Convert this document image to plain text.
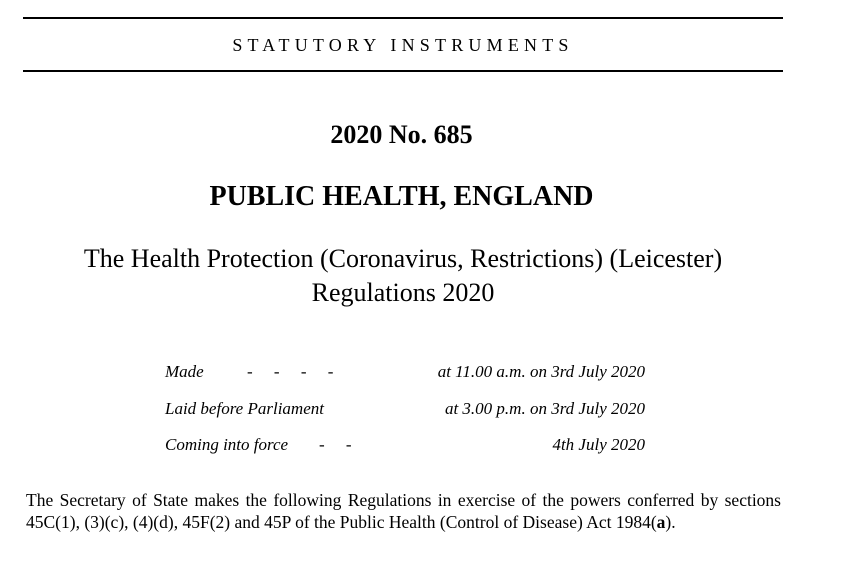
STATUTORY INSTRUMENTS
2020 No. 685
PUBLIC HEALTH, ENGLAND
The Health Protection (Coronavirus, Restrictions) (Leicester)
Regulations 2020
Made	-     -     -     -	at 11.00 a.m. on 3rd July 2020
Laid before Parliament	at 3.00 p.m. on 3rd July 2020
Coming into force -     -	4th July 2020
The Secretary of State makes the following Regulations in exercise of the powers conferred by sections 45C(1), (3)(c), (4)(d), 45F(2) and 45P of the Public Health (Control of Disease) Act 1984(a).
